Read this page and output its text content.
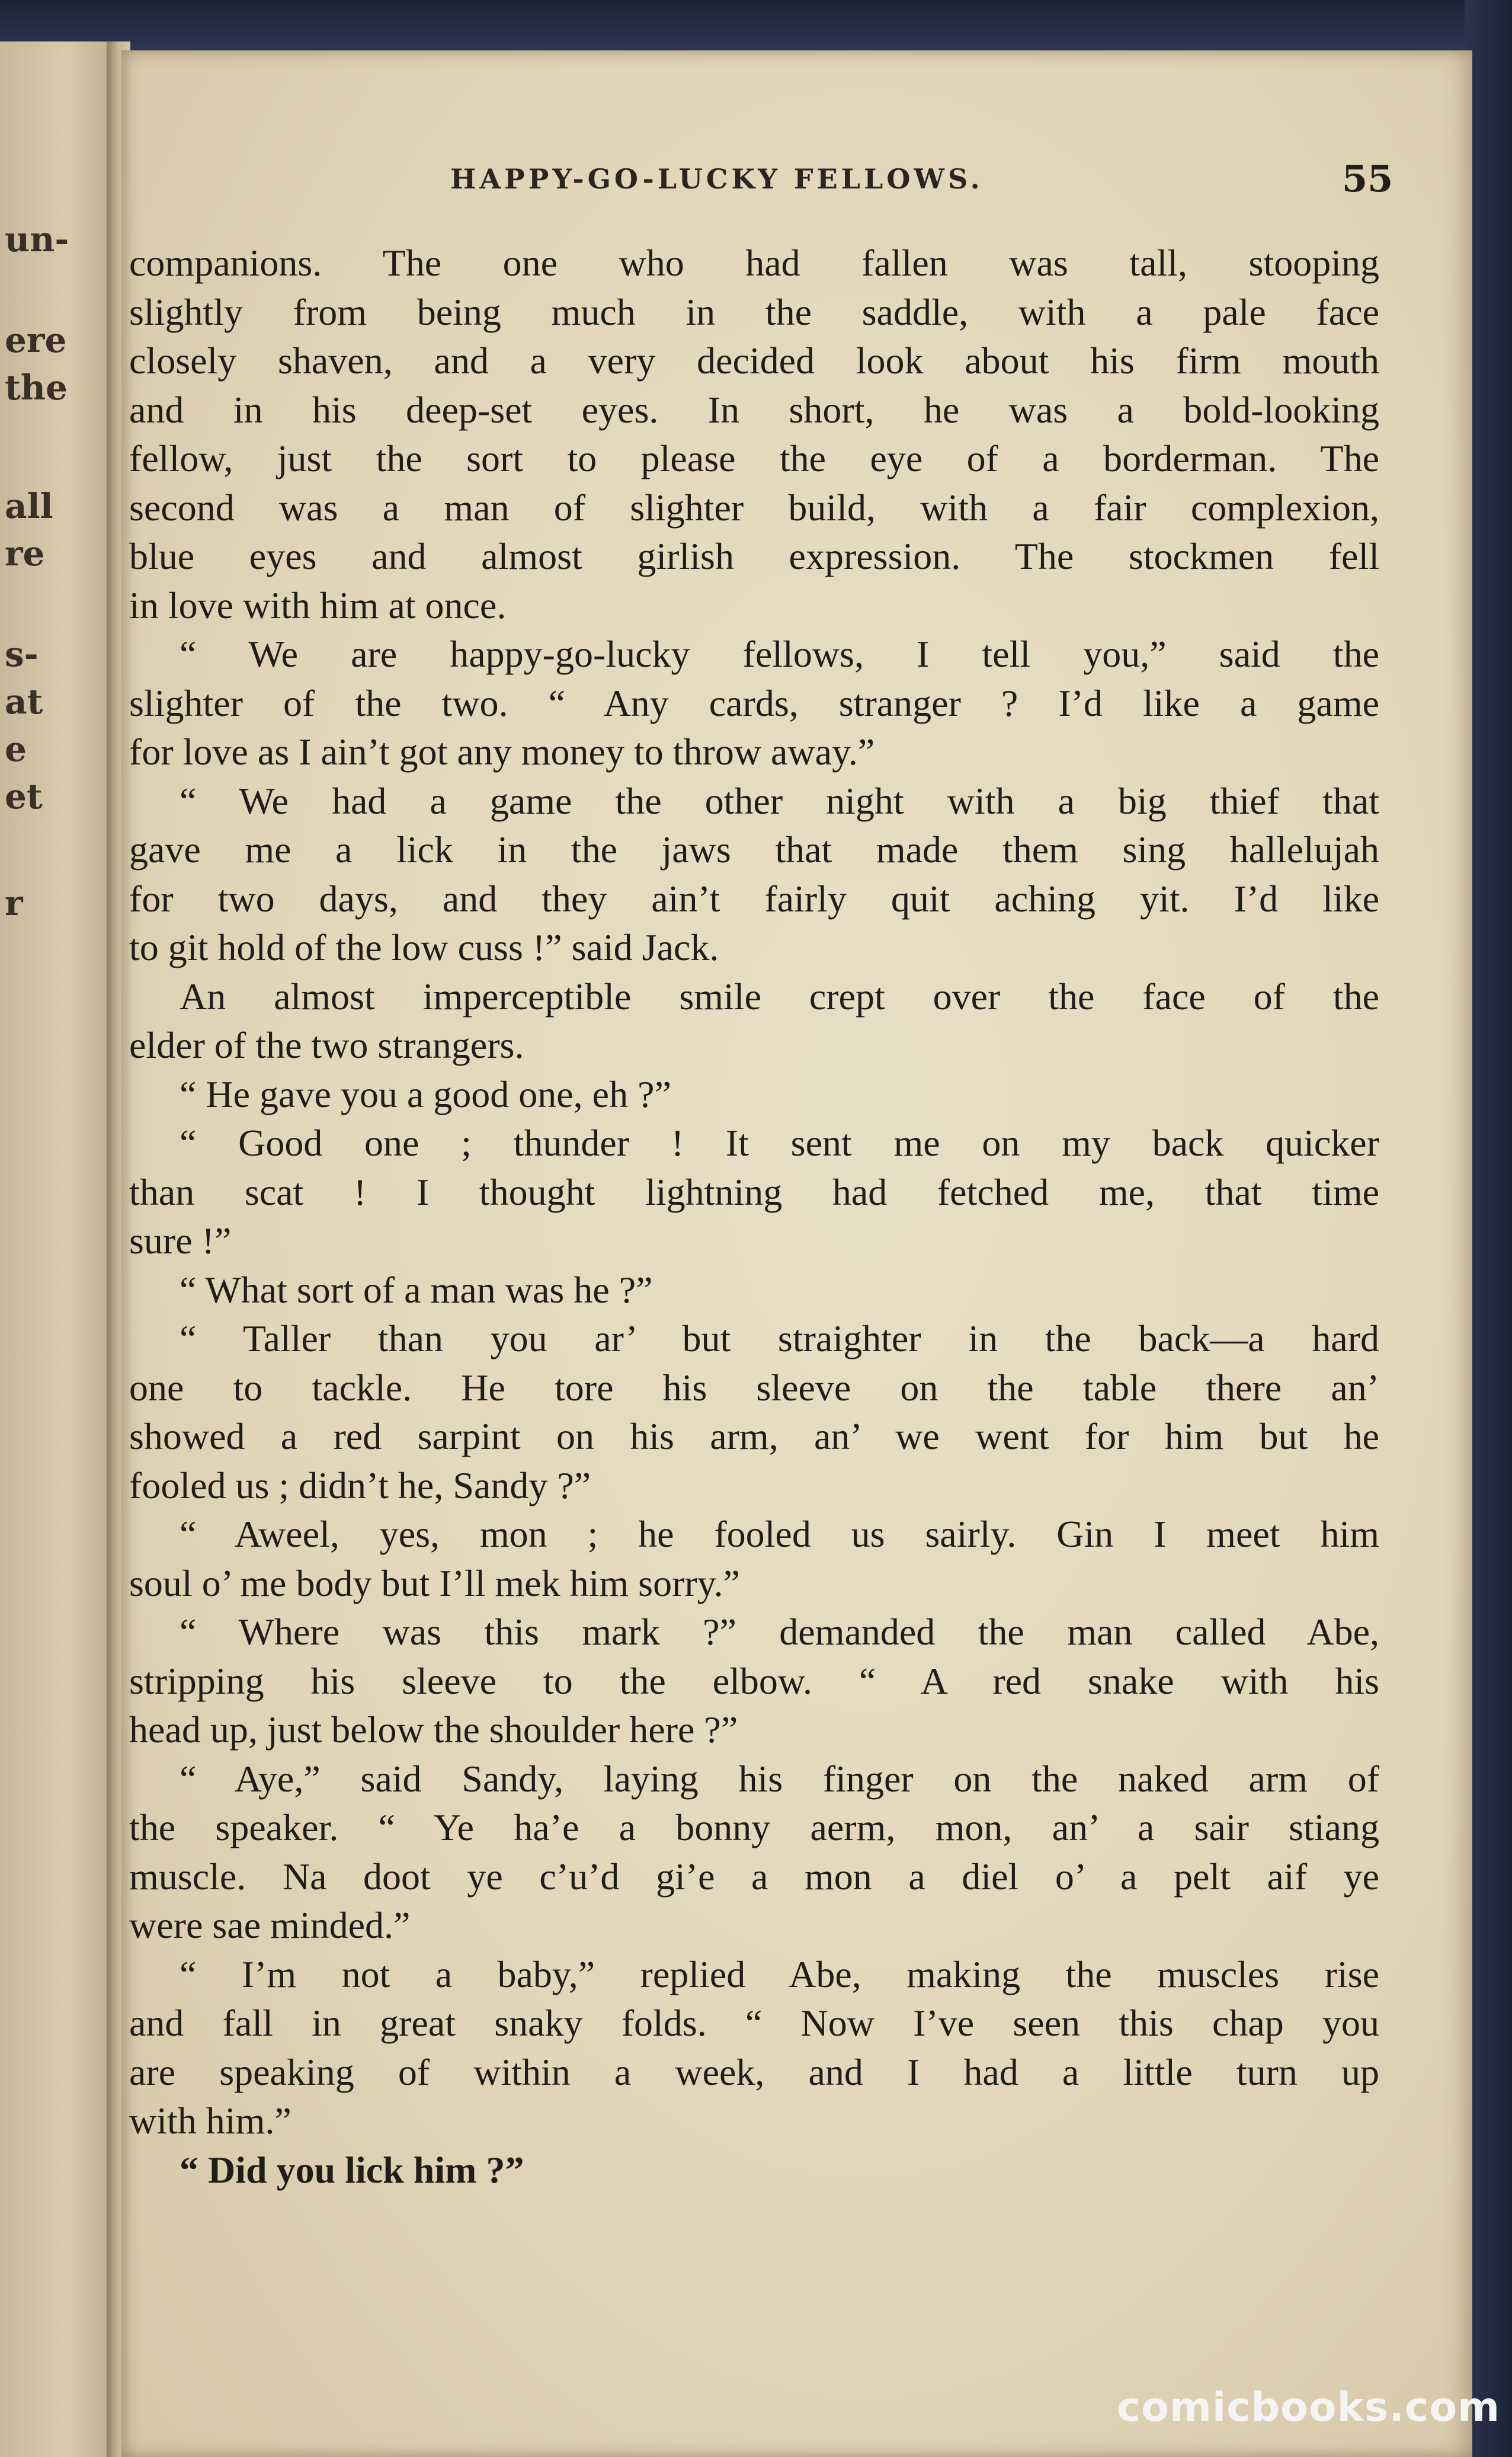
un-
ere
the
all
re
s-
at
e
et
r
HAPPY-GO-LUCKY FELLOWS.	55
companions. The one who had fallen was tall, stooping
slightly from being much in the saddle, with a pale face
closely shaven, and a very decided look about his firm mouth
and in his deep-set eyes. In short, he was a bold-looking
fellow, just the sort to please the eye of a borderman. The
second was a man of slighter build, with a fair complexion,
blue eyes and almost girlish expression. The stockmen fell
in love with him at once.
“ We are happy-go-lucky fellows, I tell you,” said the
slighter of the two. “ Any cards, stranger ? I’d like a game
for love as I ain’t got any money to throw away.”
“ We had a game the other night with a big thief that
gave me a lick in the jaws that made them sing hallelujah
for two days, and they ain’t fairly quit aching yit. I’d like
to git hold of the low cuss !” said Jack.
An almost imperceptible smile crept over the face of the
elder of the two strangers.
“ He gave you a good one, eh ?”
“ Good one ; thunder ! It sent me on my back quicker
than scat ! I thought lightning had fetched me, that time
sure !”
“ What sort of a man was he ?”
“ Taller than you ar’ but straighter in the back—a hard
one to tackle. He tore his sleeve on the table there an’
showed a red sarpint on his arm, an’ we went for him but he
fooled us ; didn’t he, Sandy ?”
“ Aweel, yes, mon ; he fooled us sairly. Gin I meet him
soul o’ me body but I’ll mek him sorry.”
“ Where was this mark ?” demanded the man called Abe,
stripping his sleeve to the elbow. “ A red snake with his
head up, just below the shoulder here ?”
“ Aye,” said Sandy, laying his finger on the naked arm of
the speaker. “ Ye ha’e a bonny aerm, mon, an’ a sair stiang
muscle. Na doot ye c’u’d gi’e a mon a diel o’ a pelt aif ye
were sae minded.”
“ I’m not a baby,” replied Abe, making the muscles rise
and fall in great snaky folds. “ Now I’ve seen this chap you
are speaking of within a week, and I had a little turn up
with him.”
“ Did you lick him ?”
comicbooks.com
